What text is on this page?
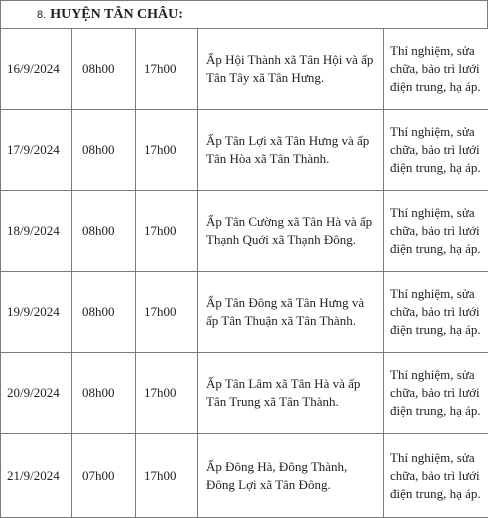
8. HUYỆN TÂN CHÂU:
16/9/2024	08h00	17h00	Ấp Hội Thành xã Tân Hội và ấp Tân Tây xã Tân Hưng.	Thí nghiệm, sửa chữa, bảo trì lưới điện trung, hạ áp.
17/9/2024	08h00	17h00	Ấp Tân Lợi xã Tân Hưng và ấp Tân Hòa xã Tân Thành.	Thí nghiệm, sửa chữa, bảo trì lưới điện trung, hạ áp.
18/9/2024	08h00	17h00	Ấp Tân Cường xã Tân Hà và ấp Thạnh Quới xã Thạnh Đông.	Thí nghiệm, sửa chữa, bảo trì lưới điện trung, hạ áp.
19/9/2024	08h00	17h00	Ấp Tân Đông xã Tân Hưng và ấp Tân Thuận xã Tân Thành.	Thí nghiệm, sửa chữa, bảo trì lưới điện trung, hạ áp.
20/9/2024	08h00	17h00	Ấp Tân Lâm xã Tân Hà và ấp Tân Trung xã Tân Thành.	Thí nghiệm, sửa chữa, bảo trì lưới điện trung, hạ áp.
21/9/2024	07h00	17h00	Ấp Đông Hà, Đông Thành, Đông Lợi xã Tân Đông.	Thí nghiệm, sửa chữa, bảo trì lưới điện trung, hạ áp.
